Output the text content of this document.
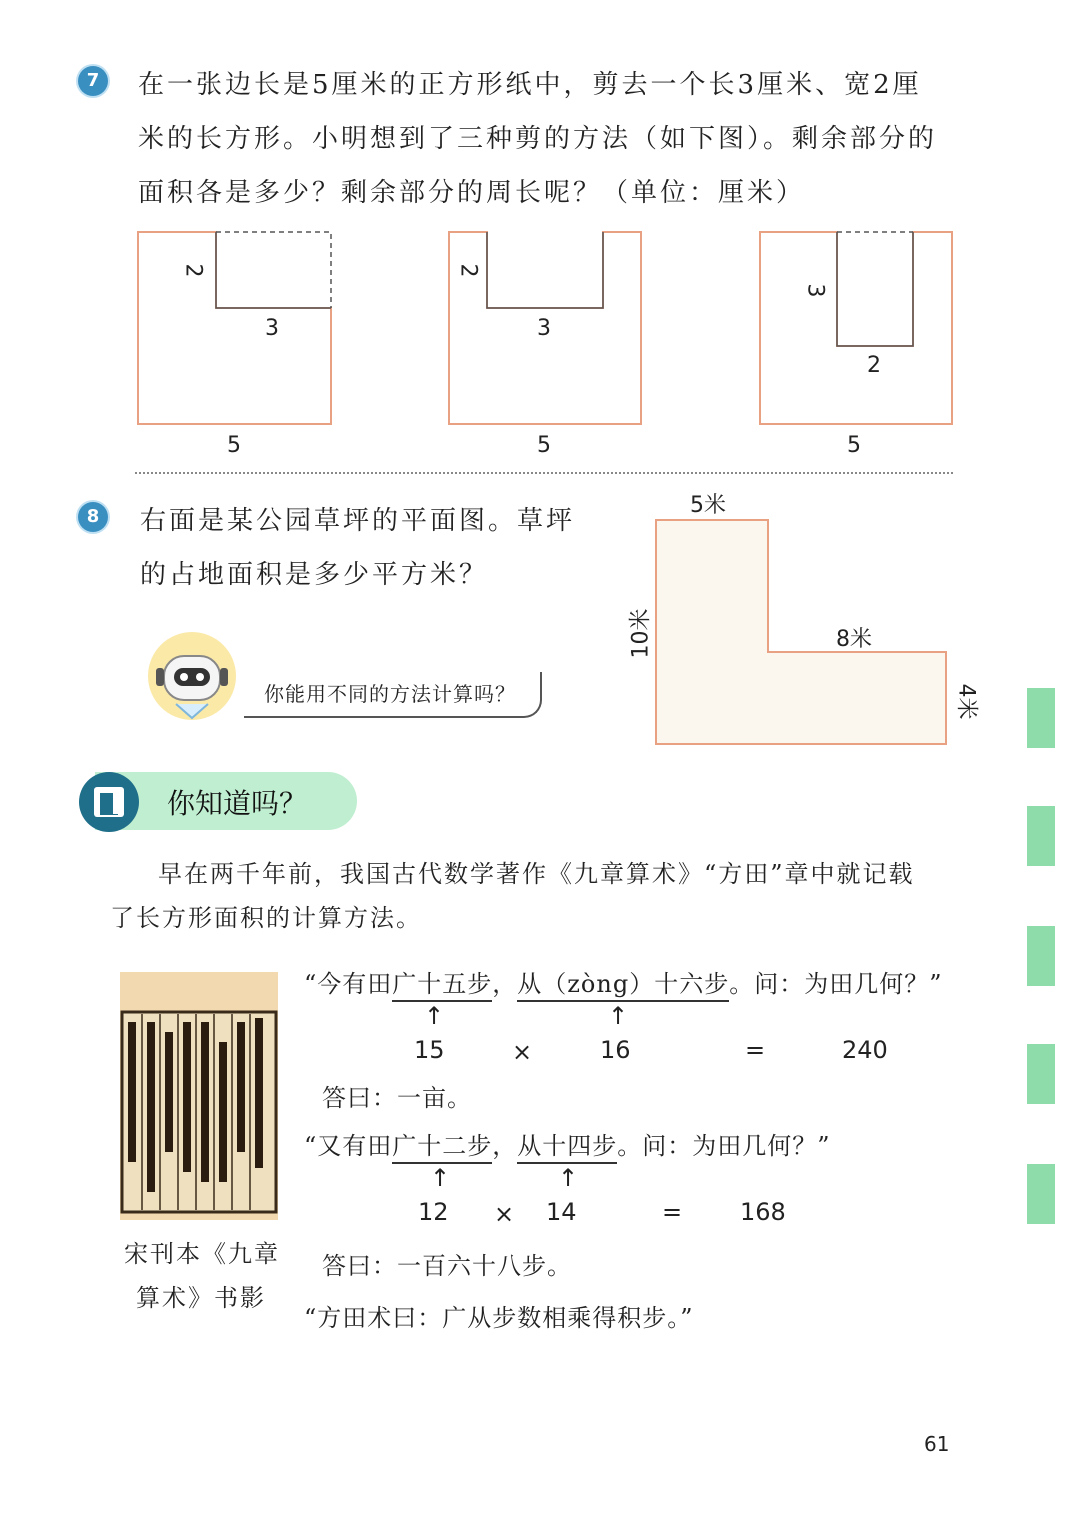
7	在一张边长是5厘米的正方形纸中，剪去一个长3厘米、宽2厘
米的长方形。小明想到了三种剪的方法（如下图）。剩余部分的
面积各是多少？剩余部分的周长呢？（单位：厘米）
2
3
5
2
3
5
3
2
5
8	右面是某公园草坪的平面图。草坪
的占地面积是多少平方米？
你能用不同的方法计算吗？
5米
10米	8米
4米
你知道吗？
早在两千年前，我国古代数学著作《九章算术》“方田”章中就记载
了长方形面积的计算方法。
宋刊本《九章
算术》书影
“今有田广十五步，从（zòng）十六步。问：为田几何？”
↑	↑
15	×	16	=	240
答曰：一亩。
“又有田广十二步，从十四步。问：为田几何？”
↑	↑
12 × 14	= 168
答曰：一百六十八步。
“方田术曰：广从步数相乘得积步。”
61
